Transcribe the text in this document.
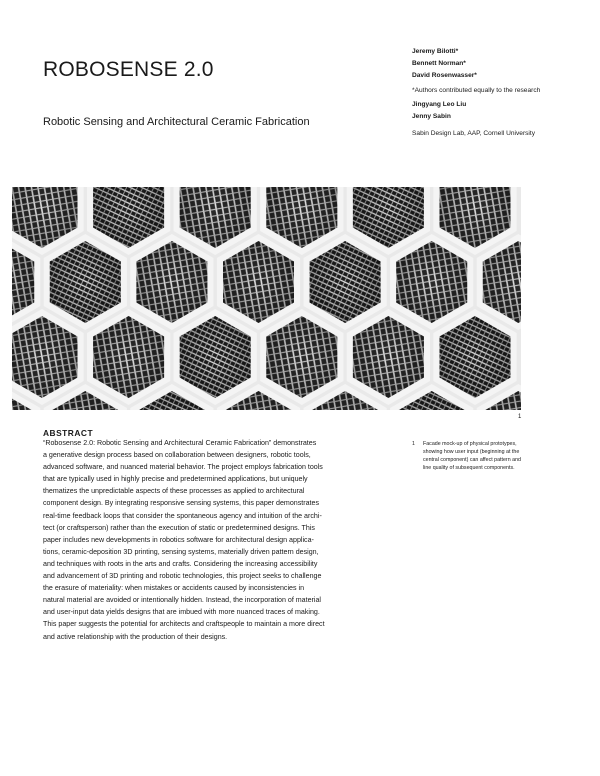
ROBOSENSE 2.0
Robotic Sensing and Architectural Ceramic Fabrication
Jeremy Bilotti*
Bennett Norman*
David Rosenwasser*
*Authors contributed equally to the research
Jingyang Leo Liu
Jenny Sabin
Sabin Design Lab, AAP, Cornell University
1
ABSTRACT
“Robosense 2.0: Robotic Sensing and Architectural Ceramic Fabrication” demonstrates
a generative design process based on collaboration between designers, robotic tools,
advanced software, and nuanced material behavior. The project employs fabrication tools
that are typically used in highly precise and predetermined applications, but uniquely
thematizes the unpredictable aspects of these processes as applied to architectural
component design. By integrating responsive sensing systems, this paper demonstrates
real-time feedback loops that consider the spontaneous agency and intuition of the archi-
tect (or craftsperson) rather than the execution of static or predetermined designs. This
paper includes new developments in robotics software for architectural design applica-
tions, ceramic-deposition 3D printing, sensing systems, materially driven pattern design,
and techniques with roots in the arts and crafts. Considering the increasing accessibility
and advancement of 3D printing and robotic technologies, this project seeks to challenge
the erasure of materiality: when mistakes or accidents caused by inconsistencies in
natural material are avoided or intentionally hidden. Instead, the incorporation of material
and user-input data yields designs that are imbued with more nuanced traces of making.
This paper suggests the potential for architects and craftspeople to maintain a more direct
and active relationship with the production of their designs.
1 Facade mock-up of physical prototypes, showing how user input (beginning at the central component) can affect pattern and line quality of subsequent components.
